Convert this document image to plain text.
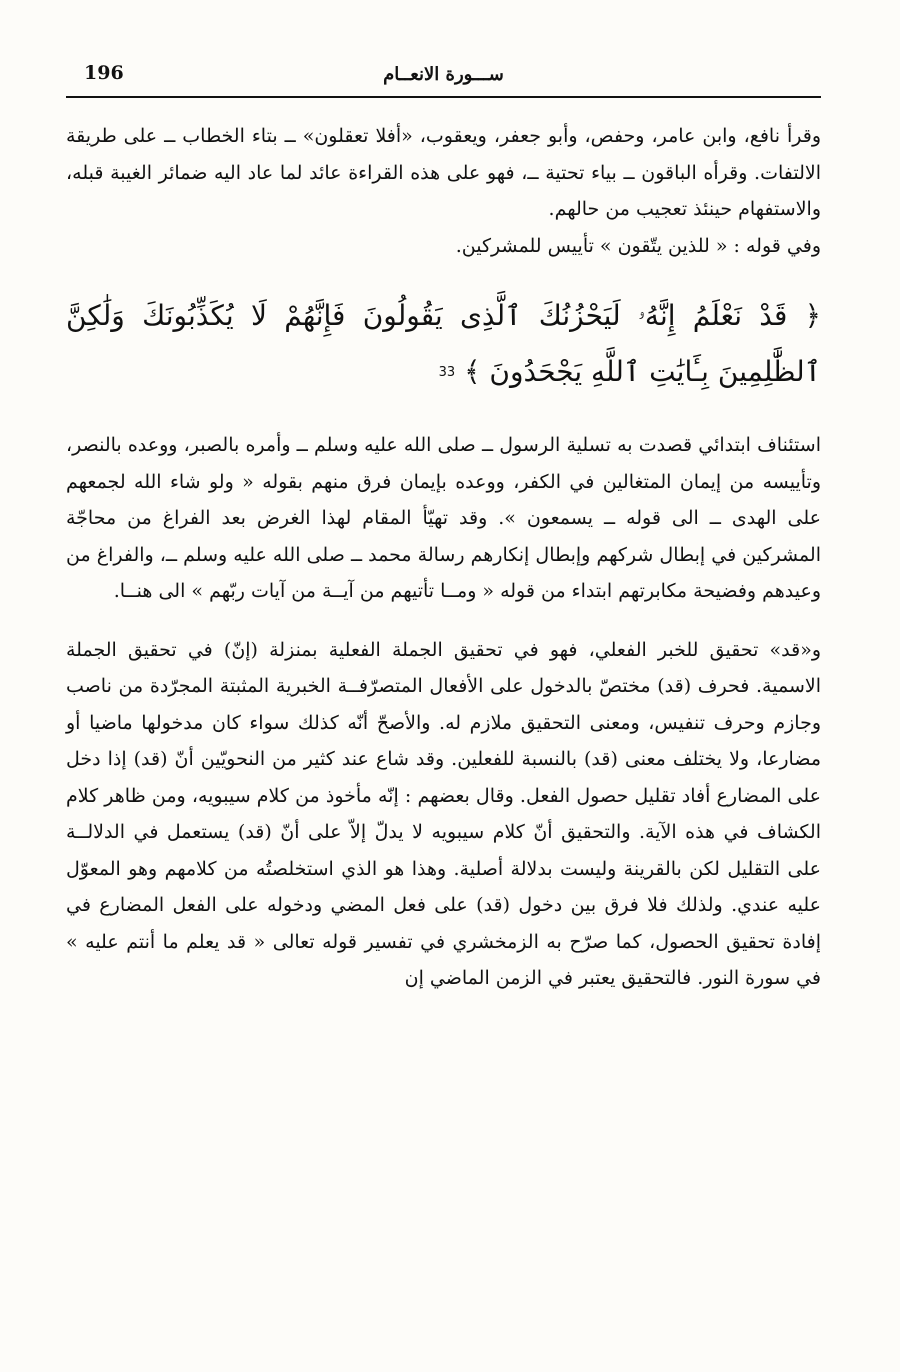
196	ســـورة الانعــام

وقرأ نافع، وابن عامر، وحفص، وأبو جعفر، ويعقوب، «أفلا تعقلون» ــ بتاء الخطاب ــ على طريقة الالتفات. وقرأه الباقون ــ بياء تحتية ــ، فهو على هذه القراءة عائد لما عاد اليه ضمائر الغيبة قبله، والاستفهام حينئذ تعجيب من حالهم.

وفي قوله : « للذين يتّقون » تأييس للمشركين.

﴿ قَدْ نَعْلَمُ إِنَّهُۥ لَيَحْزُنُكَ ٱلَّذِى يَقُولُونَ فَإِنَّهُمْ لَا يُكَذِّبُونَكَ وَلَٰكِنَّ ٱلظَّٰلِمِينَ بِـَٔايَٰتِ ٱللَّهِ يَجْحَدُونَ ﴾ 33

استئناف ابتدائي قصدت به تسلية الرسول ــ صلى الله عليه وسلم ــ وأمره بالصبر، ووعده بالنصر، وتأييسه من إيمان المتغالين في الكفر، ووعده بإيمان فرق منهم بقوله « ولو شاء الله لجمعهم على الهدى ــ الى قوله ــ يسمعون ». وقد تهيّأ المقام لهذا الغرض بعد الفراغ من محاجّة المشركين في إبطال شركهم وإبطال إنكارهم رسالة محمد ــ صلى الله عليه وسلم ــ، والفراغ من وعيدهم وفضيحة مكابرتهم ابتداء من قوله « ومــا تأتيهم من آيــة من آيات ربّهم » الى هنــا.

و«قد» تحقيق للخبر الفعلي، فهو في تحقيق الجملة الفعلية بمنزلة (إنّ) في تحقيق الجملة الاسمية. فحرف (قد) مختصّ بالدخول على الأفعال المتصرّفــة الخبرية المثبتة المجرّدة من ناصب وجازم وحرف تنفيس، ومعنى التحقيق ملازم له. والأصحّ أنّه كذلك سواء كان مدخولها ماضيا أو مضارعا، ولا يختلف معنى (قد) بالنسبة للفعلين. وقد شاع عند كثير من النحويّين أنّ (قد) إذا دخل على المضارع أفاد تقليل حصول الفعل. وقال بعضهم : إنّه مأخوذ من كلام سيبويه، ومن ظاهر كلام الكشاف في هذه الآية. والتحقيق أنّ كلام سيبويه لا يدلّ إلاّ على أنّ (قد) يستعمل في الدلالــة على التقليل لكن بالقرينة وليست بدلالة أصلية. وهذا هو الذي استخلصتُه من كلامهم وهو المعوّل عليه عندي. ولذلك فلا فرق بين دخول (قد) على فعل المضي ودخوله على الفعل المضارع في إفادة تحقيق الحصول، كما صرّح به الزمخشري في تفسير قوله تعالى « قد يعلم ما أنتم عليه » في سورة النور. فالتحقيق يعتبر في الزمن الماضي إن
